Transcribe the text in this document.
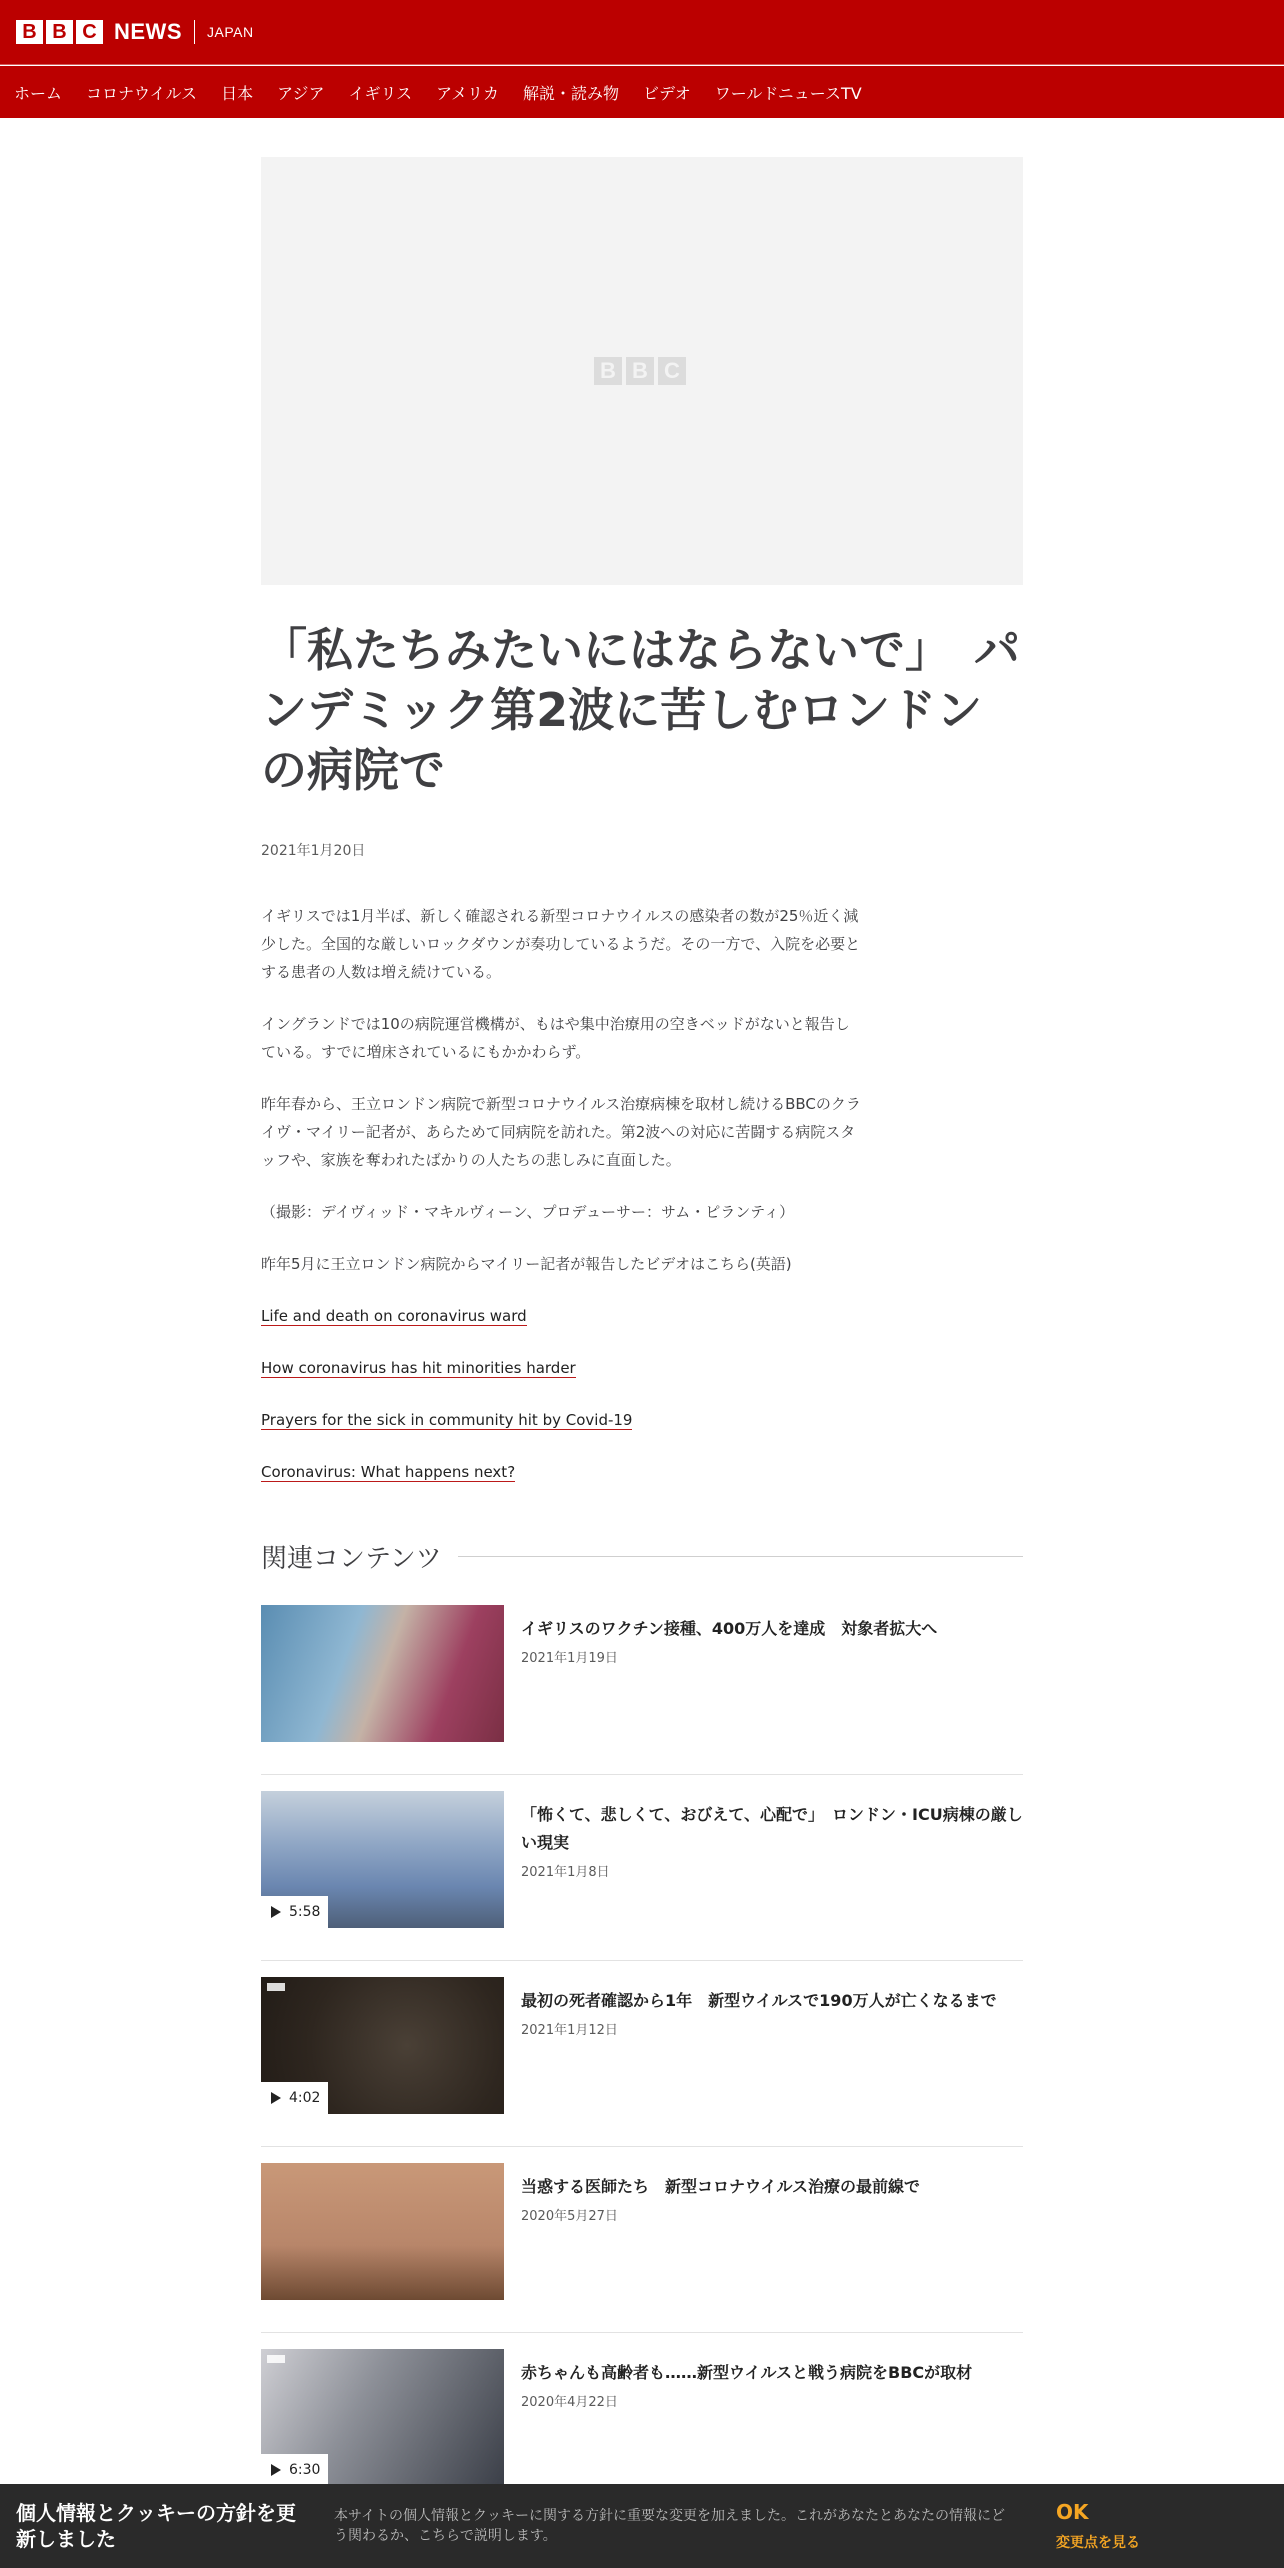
B B C NEWS JAPAN
ホーム コロナウイルス 日本 アジア イギリス アメリカ 解説・読み物 ビデオ ワールドニュースTV
B B C
「私たちみたいにはならないで」　パンデミック第2波に苦しむロンドンの病院で
2021年1月20日

イギリスでは1月半ば、新しく確認される新型コロナウイルスの感染者の数が25％近く減少した。全国的な厳しいロックダウンが奏功しているようだ。その一方で、入院を必要とする患者の人数は増え続けている。

イングランドでは10の病院運営機構が、もはや集中治療用の空きベッドがないと報告している。すでに増床されているにもかかわらず。

昨年春から、王立ロンドン病院で新型コロナウイルス治療病棟を取材し続けるBBCのクライヴ・マイリー記者が、あらためて同病院を訪れた。第2波への対応に苦闘する病院スタッフや、家族を奪われたばかりの人たちの悲しみに直面した。

（撮影：デイヴィッド・マキルヴィーン、プロデューサー：サム・ピランティ）

昨年5月に王立ロンドン病院からマイリー記者が報告したビデオはこちら(英語)

Life and death on coronavirus ward

How coronavirus has hit minorities harder

Prayers for the sick in community hit by Covid-19

Coronavirus: What happens next?

関連コンテンツ
イギリスのワクチン接種、400万人を達成　対象者拡大へ
2021年1月19日
5:58
「怖くて、悲しくて、おびえて、心配で」　ロンドン・ICU病棟の厳しい現実
2021年1月8日
4:02
最初の死者確認から1年　新型ウイルスで190万人が亡くなるまで
2021年1月12日
当惑する医師たち　新型コロナウイルス治療の最前線で
2020年5月27日
6:30
赤ちゃんも高齢者も……新型ウイルスと戦う病院をBBCが取材
2020年4月22日
個人情報とクッキーの方針を更新しました
本サイトの個人情報とクッキーに関する方針に重要な変更を加えました。これがあなたとあなたの情報にどう関わるか、こちらで説明します。
OK
変更点を見る
